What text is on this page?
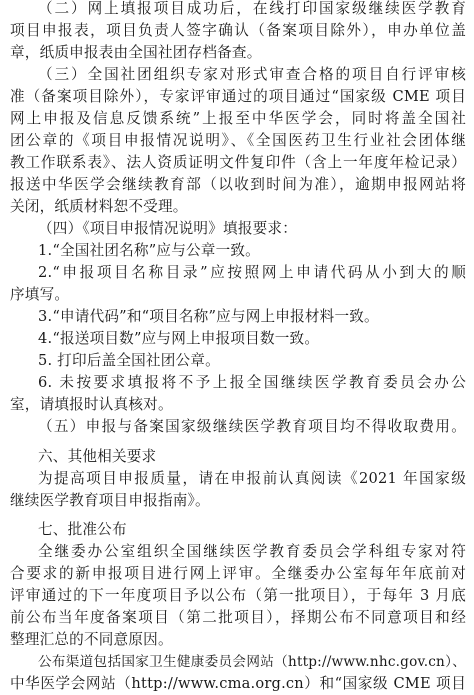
（二）网上填报项目成功后，在线打印国家级继续医学教育
项目申报表，项目负责人签字确认（备案项目除外），申办单位盖
章，纸质申报表由全国社团存档备查。
（三）全国社团组织专家对形式审查合格的项目自行评审核
准（备案项目除外），专家评审通过的项目通过“国家级 CME 项目
网上申报及信息反馈系统”上报至中华医学会，同时将盖全国社
团公章的《项目申报情况说明》、《全国医药卫生行业社会团体继
教工作联系表》、法人资质证明文件复印件（含上一年度年检记录）
报送中华医学会继续教育部（以收到时间为准），逾期申报网站将
关闭，纸质材料恕不受理。
（四）《项目申报情况说明》填报要求：
1.“全国社团名称”应与公章一致。
2.“申报项目名称目录”应按照网上申请代码从小到大的顺
序填写。
3.“申请代码”和“项目名称”应与网上申报材料一致。
4.“报送项目数”应与网上申报项目数一致。
5. 打印后盖全国社团公章。
6. 未按要求填报将不予上报全国继续医学教育委员会办公
室，请填报时认真核对。
（五）申报与备案国家级继续医学教育项目均不得收取费用。
六、其他相关要求
为提高项目申报质量，请在申报前认真阅读《2021 年国家级
继续医学教育项目申报指南》。
七、批准公布
全继委办公室组织全国继续医学教育委员会学科组专家对符
合要求的新申报项目进行网上评审。全继委办公室每年年底前对
评审通过的下一年度项目予以公布（第一批项目），于每年 3 月底
前公布当年度备案项目（第二批项目），择期公布不同意项目和经
整理汇总的不同意原因。
公布渠道包括国家卫生健康委员会网站（http://www.nhc.gov.cn）、
中华医学会网站（http://www.cma.org.cn）和“国家级 CME 项目
